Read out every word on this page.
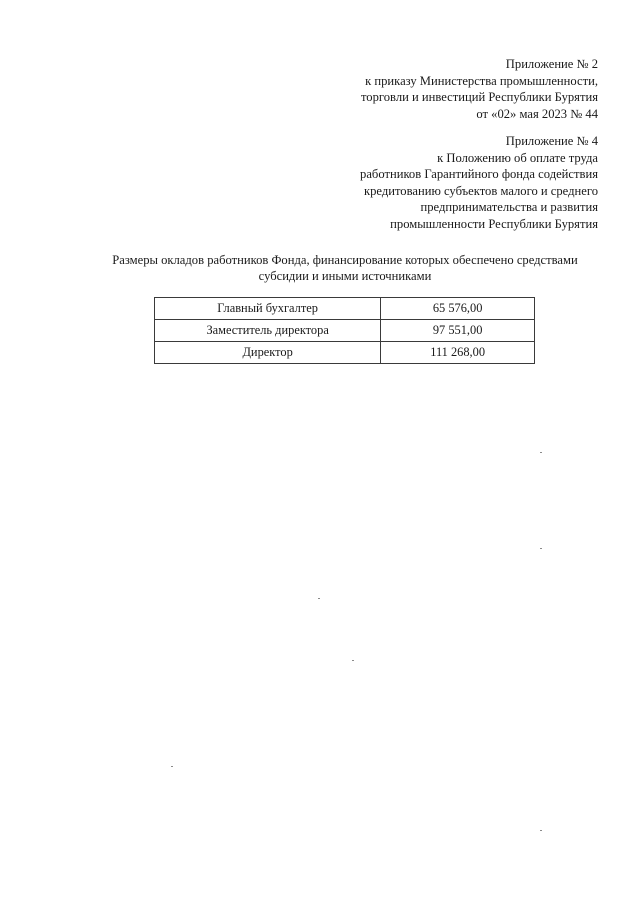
Приложение № 2
к приказу Министерства промышленности,
торговли и инвестиций Республики Бурятия
от «02» мая 2023 № 44
Приложение № 4
к Положению об оплате труда
работников Гарантийного фонда содействия
кредитованию субъектов малого и среднего
предпринимательства и развития
промышленности Республики Бурятия
Размеры окладов работников Фонда, финансирование которых обеспечено средствами
субсидии и иными источниками
Главный бухгалтер	65 576,00
Заместитель директора	97 551,00
Директор	111 268,00
